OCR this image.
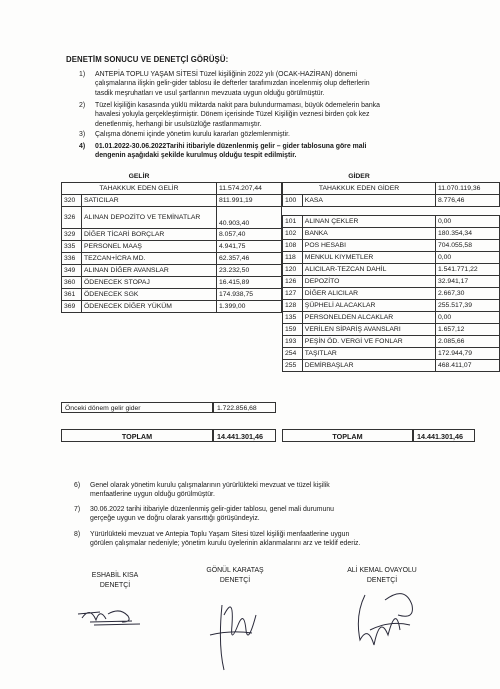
DENETİM SONUCU VE DENETÇİ GÖRÜŞÜ:
1) ANTEPİA TOPLU YAŞAM SİTESİ Tüzel kişiliğinin 2022 yılı (OCAK-HAZİRAN) dönemi
çalışmalarına ilişkin gelir-gider tablosu ile defterler tarafımızdan incelenmiş olup defterlerin
tasdik meşruhatları ve usul şartlarının mevzuata uygun olduğu görülmüştür.
2) Tüzel kişiliğin kasasında yüklü miktarda nakit para bulundurmaması, büyük ödemelerin banka
havalesi yoluyla gerçekleştirmiştir. Dönem içerisinde Tüzel Kişiliğin veznesi birden çok kez
denetlenmiş, herhangi bir usulsüzlüğe rastlanmamıştır.
3) Çalışma dönemi içinde yönetim kurulu kararları gözlemlenmiştir.
4) 01.01.2022-30.06.2022Tarihi itibariyle düzenlenmiş gelir – gider tablosuna göre mali
dengenin aşağıdaki şekilde kurulmuş olduğu tespit edilmiştir.
GELİR		
TAHAKKUK EDEN GELİR		11.574.207,44
320	SATICILAR	811.991,19
326	ALINAN DEPOZİTO VE TEMİNATLAR	40.903,40
329	DİĞER TİCARİ BORÇLAR	8.057,40
335	PERSONEL MAAŞ	4.941,75
336	TEZCAN+İCRA MD.	62.357,46
349	ALINAN DİĞER AVANSLAR	23.232,50
360	ÖDENECEK STOPAJ	16.415,89
361	ÖDENECEK SGK	174.938,75
369	ÖDENECEK DİĞER YÜKÜM	1.399,00
Önceki dönem gelir gider	1.722.856,68
GİDER		
TAHAKKUK EDEN GİDER		11.070.119,36
100	KASA	8.776,46

101	ALINAN ÇEKLER	0,00
102	BANKA	180.354,34
108	POS HESABI	704.055,58
118	MENKUL KIYMETLER	0,00
120	ALICILAR-TEZCAN DAHİL	1.541.771,22
126	DEPOZİTO	32.941,17
127	DİĞER ALICILAR	2.667,30
128	ŞÜPHELİ ALACAKLAR	255.517,39
135	PERSONELDEN ALCAKLAR	0,00
159	VERİLEN SİPARİŞ AVANSLARI	1.657,12
193	PEŞİN ÖD. VERGİ VE FONLAR	2.085,66
254	TAŞITLAR	172.944,79
255	DEMİRBAŞLAR	468.411,07
TOPLAM	14.441.301,46	TOPLAM	14.441.301,46
6) Genel olarak yönetim kurulu çalışmalarının yürürlükteki mevzuat ve tüzel kişilik
menfaatlerine uygun olduğu görülmüştür.
7) 30.06.2022 tarihi itibariyle düzenlenmiş gelir-gider tablosu, genel mali durumunu
gerçeğe uygun ve doğru olarak yansıttığı görüşündeyiz.
8) Yürürlükteki mevzuat ve Antepia Toplu Yaşam Sitesi tüzel kişiliği menfaatlerine uygun
görülen çalışmalar nedeniyle; yönetim kurulu üyelerinin aklanmalarını arz ve teklif ederiz.
ESHABİL KISA
DENETÇİ
GÖNÜL KARATAŞ
DENETÇİ
ALİ KEMAL OVAYOLU
DENETÇİ
